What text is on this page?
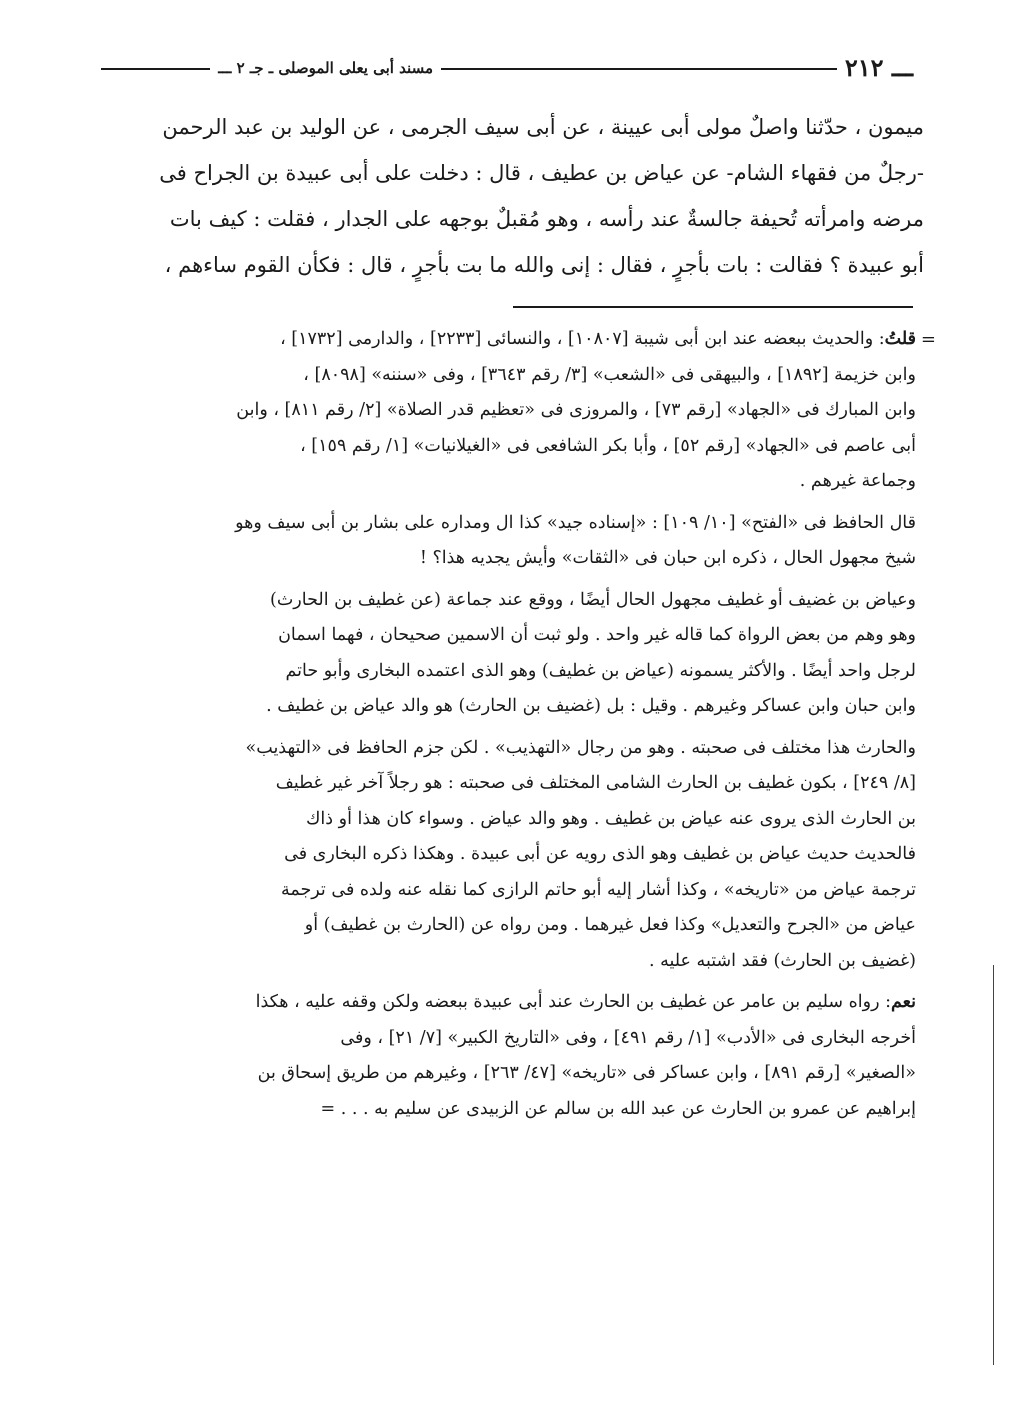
ـــ ٢١٢
مسند أبى يعلى الموصلى ـ جـ ٢ ـــ
ميمون ، حدّثنا واصلٌ مولى أبى عيينة ، عن أبى سيف الجرمى ، عن الوليد بن عبد الرحمن
-رجلٌ من فقهاء الشام- عن عياض بن عطيف ، قال : دخلت على أبى عبيدة بن الجراح فى
مرضه وامرأته تُحيفة جالسةٌ عند رأسه ، وهو مُقبلٌ بوجهه على الجدار ، فقلت : كيف بات
أبو عبيدة ؟ فقالت : بات بأجرٍ ، فقال : إنى والله ما بت بأجرٍ ، قال : فكأن القوم ساءهم ،
=
قلتُ: والحديث ببعضه عند ابن أبى شيبة [١٠٨٠٧] ، والنسائى [٢٢٣٣] ، والدارمى [١٧٣٢] ،
وابن خزيمة [١٨٩٢] ، والبيهقى فى «الشعب» [٣/ رقم ٣٦٤٣] ، وفى «سننه» [٨٠٩٨] ،
وابن المبارك فى «الجهاد» [رقم ٧٣] ، والمروزى فى «تعظيم قدر الصلاة» [٢/ رقم ٨١١] ، وابن
أبى عاصم فى «الجهاد» [رقم ٥٢] ، وأبا بكر الشافعى فى «الغيلانيات» [١/ رقم ١٥٩] ،
وجماعة غيرهم .
قال الحافظ فى «الفتح» [١٠/ ١٠٩] : «إسناده جيد» كذا ال ومداره على بشار بن أبى سيف وهو
شيخ مجهول الحال ، ذكره ابن حبان فى «الثقات» وأيش يجديه هذا؟ !
وعياض بن غضيف أو غطيف مجهول الحال أيضًا ، ووقع عند جماعة (عن غطيف بن الحارث)
وهو وهم من بعض الرواة كما قاله غير واحد . ولو ثبت أن الاسمين صحيحان ، فهما اسمان
لرجل واحد أيضًا . والأكثر يسمونه (عياض بن غطيف) وهو الذى اعتمده البخارى وأبو حاتم
وابن حبان وابن عساكر وغيرهم . وقيل : بل (غضيف بن الحارث) هو والد عياض بن غطيف .
والحارث هذا مختلف فى صحبته . وهو من رجال «التهذيب» . لكن جزم الحافظ فى «التهذيب»
[٨/ ٢٤٩] ، بكون غطيف بن الحارث الشامى المختلف فى صحبته : هو رجلاً آخر غير غطيف
بن الحارث الذى يروى عنه عياض بن غطيف . وهو والد عياض . وسواء كان هذا أو ذاك
فالحديث حديث عياض بن غطيف وهو الذى رويه عن أبى عبيدة . وهكذا ذكره البخارى فى
ترجمة عياض من «تاريخه» ، وكذا أشار إليه أبو حاتم الرازى كما نقله عنه ولده فى ترجمة
عياض من «الجرح والتعديل» وكذا فعل غيرهما . ومن رواه عن (الحارث بن غطيف) أو
(غضيف بن الحارث) فقد اشتبه عليه .
نعم: رواه سليم بن عامر عن غطيف بن الحارث عند أبى عبيدة ببعضه ولكن وقفه عليه ، هكذا
أخرجه البخارى فى «الأدب» [١/ رقم ٤٩١] ، وفى «التاريخ الكبير» [٧/ ٢١] ، وفى
«الصغير» [رقم ٨٩١] ، وابن عساكر فى «تاريخه» [٤٧/ ٢٦٣] ، وغيرهم من طريق إسحاق بن
إبراهيم عن عمرو بن الحارث عن عبد الله بن سالم عن الزبيدى عن سليم به . . . =
